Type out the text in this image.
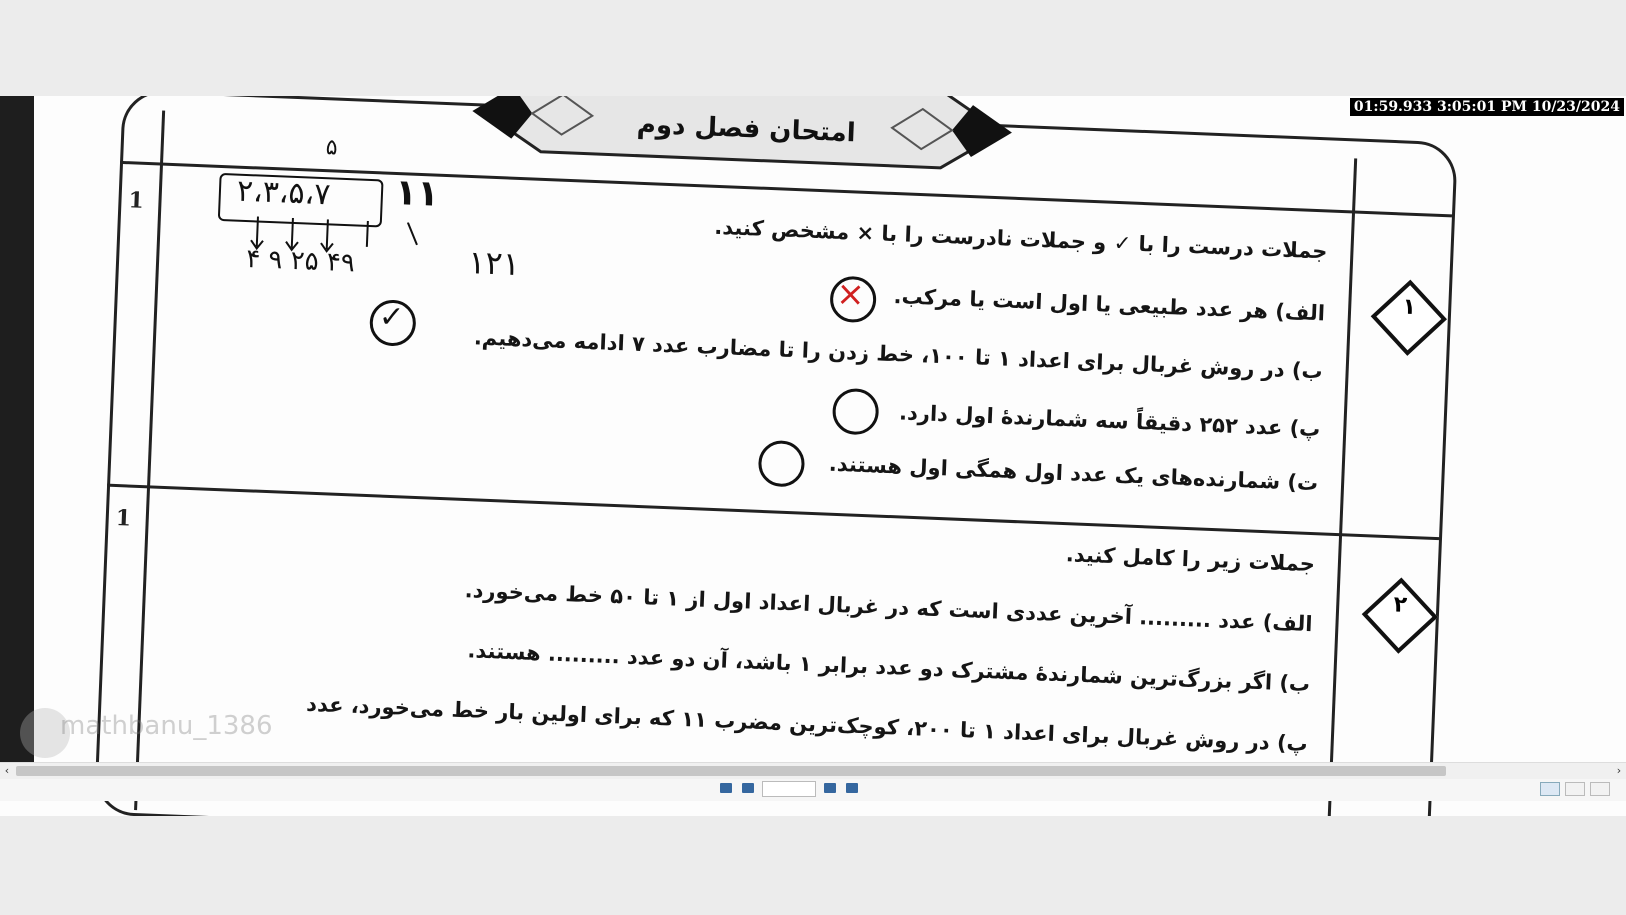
امتحان فصل دوم
۱
1
جملات درست را با ✓ و جملات نادرست را با × مشخص کنید.
الف) هر عدد طبیعی یا اول است یا مرکب.
ب) در روش غربال برای اعداد ۱ تا ۱۰۰، خط زدن را تا مضارب عدد ۷ ادامه می‌دهیم.
پ) عدد ۲۵۲ دقیقاً سه شمارندهٔ اول دارد.
ت) شمارنده‌های یک عدد اول همگی اول هستند.
×
✓
۲
1
جملات زیر را کامل کنید.
الف) عدد ......... آخرین عددی است که در غربال اعداد اول از ۱ تا ۵۰ خط می‌خورد.
ب) اگر بزرگ‌ترین شمارندهٔ مشترک دو عدد برابر ۱ باشد، آن دو عدد ......... هستند.
پ) در روش غربال برای اعداد ۱ تا ۲۰۰، کوچک‌ترین مضرب ۱۱ که برای اولین بار خط می‌خورد، عدد
۲،۳،۵،۷ ۱۱
۵
۴ ۹ ۲۵ ۴۹	۱۲۱
01:59.933 3:05:01 PM 10/23/2024
mathbanu_1386
‹	›
